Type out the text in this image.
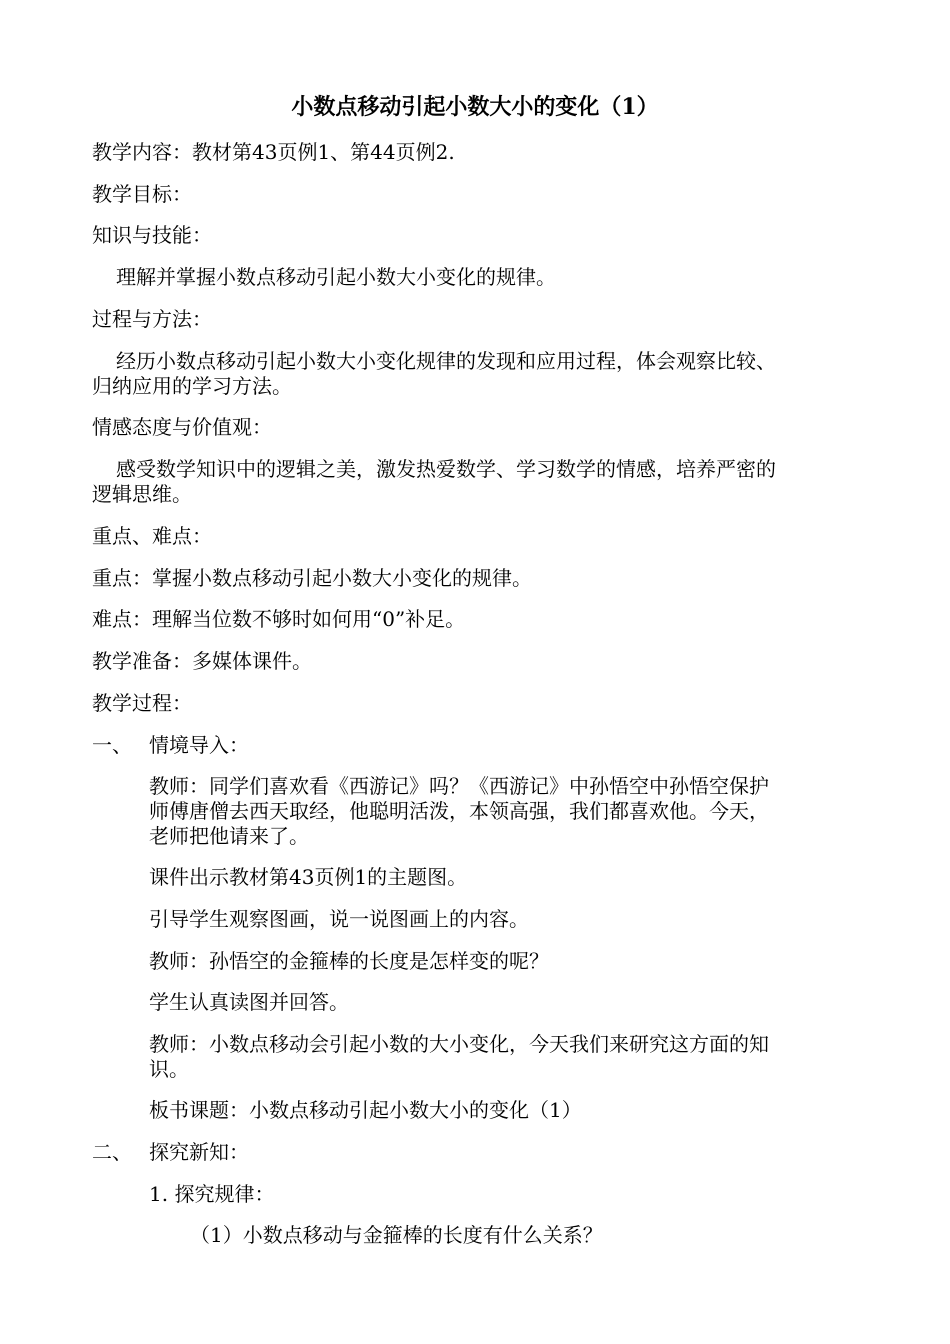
小数点移动引起小数大小的变化（1）
教学内容：教材第43页例1、第44页例2.
教学目标：
知识与技能：
理解并掌握小数点移动引起小数大小变化的规律。
过程与方法：
经历小数点移动引起小数大小变化规律的发现和应用过程，体会观察比较、
归纳应用的学习方法。
情感态度与价值观：
感受数学知识中的逻辑之美，激发热爱数学、学习数学的情感，培养严密的
逻辑思维。
重点、难点：
重点：掌握小数点移动引起小数大小变化的规律。
难点：理解当位数不够时如何用“0”补足。
教学准备：多媒体课件。
教学过程：
一、 情境导入：
教师：同学们喜欢看《西游记》吗？《西游记》中孙悟空中孙悟空保护
师傅唐僧去西天取经，他聪明活泼，本领高强，我们都喜欢他。今天，
老师把他请来了。
课件出示教材第43页例1的主题图。
引导学生观察图画，说一说图画上的内容。
教师：孙悟空的金箍棒的长度是怎样变的呢？
学生认真读图并回答。
教师：小数点移动会引起小数的大小变化，今天我们来研究这方面的知
识。
板书课题：小数点移动引起小数大小的变化（1）
二、 探究新知：
1. 探究规律：
（1）小数点移动与金箍棒的长度有什么关系？
